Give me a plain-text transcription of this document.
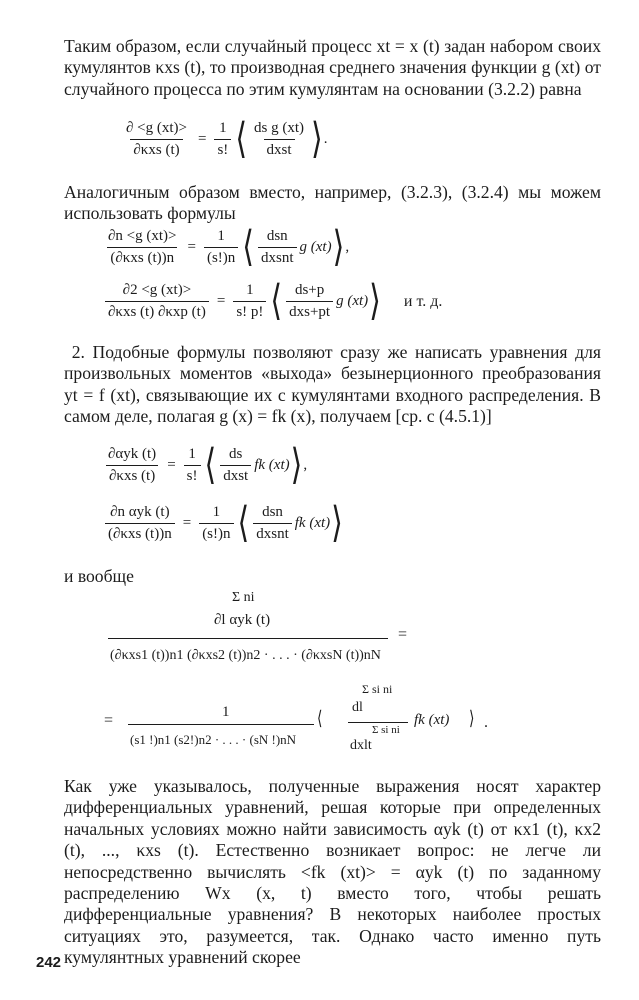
Таким образом, если случайный процесс xt = x (t) задан набором своих кумулянтов κxs (t), то производная среднего значения функции g (xt) от случайного процесса по этим кумулянтам на основании (3.2.2) равна

$\frac{\partial <g (xt)>}{\text{∂κxs (t)}} = \frac{1}{s!}$ ⟨ $\frac{\text{ds g (xt)}}{\text{dxst}}$ ⟩ .

Аналогичным образом вместо, например, (3.2.3), (3.2.4) мы можем использовать формулы

$\frac{\partial n <g (xt)>}{\text{(∂κxs (t))n}} = \frac{1}{(s!)n}$ ⟨ $\frac{\text{dsn}}{\text{dxsnt}}$ g (xt) ⟩ ,
$\frac{\partial 2 <g (xt)>}{\text{∂κxs (t) ∂κxp (t)}} = \frac{1}{s! p!}$ ⟨ $\frac{ds+p}{\text{dxs+pt}}$ g (xt) ⟩ и т. д.

2. Подобные формулы позволяют сразу же написать уравнения для произвольных моментов «выхода» безынерционного преобразования yt = f (xt), связывающие их с кумулянтами входного распределения. В самом деле, полагая g (x) = fk (x), получаем [ср. с (4.5.1)]

$\frac{\text{∂αyk (t)}}{\text{∂κxs (t)}} = \frac{1}{s!}$ ⟨ $\frac{ds}{\text{dxst}}$ fk (xt) ⟩ ,
$\frac{\text{∂n αyk (t)}}{\text{(∂κxs (t))n}} = \frac{1}{(s!)n}$ ⟨ $\frac{\text{dsn}}{\text{dxsnt}}$ fk (xt) ⟩
и вообще
Σ ni
∂l αyk (t)
=
(∂κxs1 (t))n1 (∂κxs2 (t))n2 · . . . · (∂κxsN (t))nN
=	1
(s1 !)n1 (s2!)n2 · . . . · (sN !)nN
⟨
Σ si ni
dl
Σ si ni
dxlt
fk (xt) ⟩ .

Как уже указывалось, полученные выражения носят характер дифференциальных уравнений, решая которые при определенных начальных условиях можно найти зависимость αyk (t) от κx1 (t), κx2 (t), ..., κxs (t). Естественно возникает вопрос: не легче ли непосредственно вычислять <fk (xt)> = αyk (t) по заданному распределению Wx (x, t) вместо того, чтобы решать дифференциальные уравнения? В некоторых наиболее простых ситуациях это, разумеется, так. Однако часто именно путь кумулянтных уравнений скорее

242
